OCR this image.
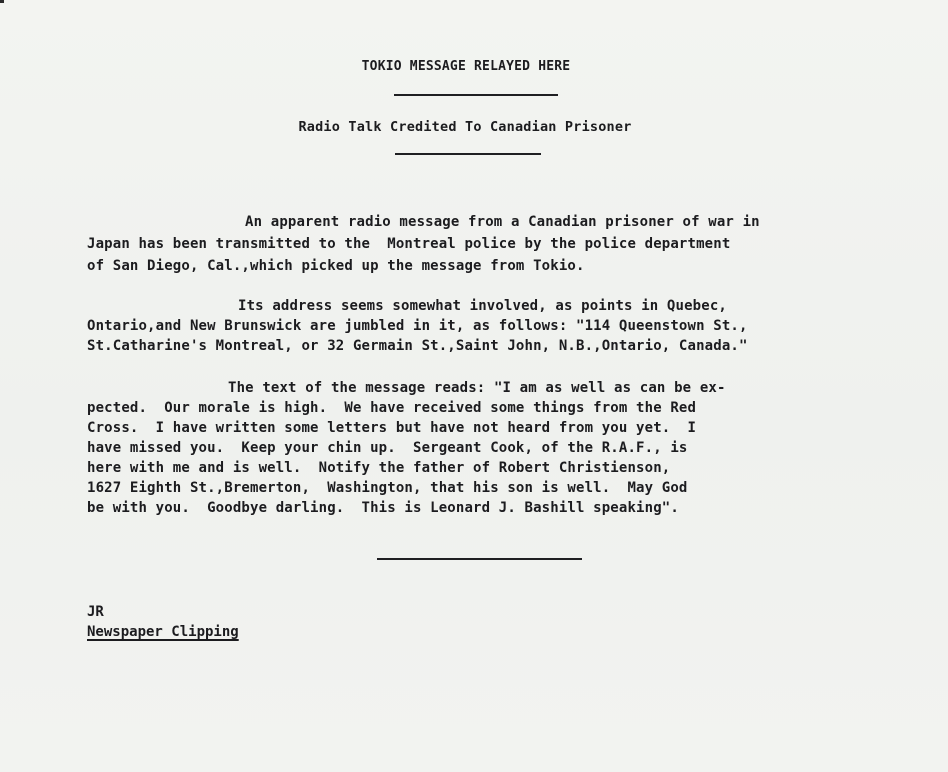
TOKIO MESSAGE RELAYED HERE
Radio Talk Credited To Canadian Prisoner
An apparent radio message from a Canadian prisoner of war in
Japan has been transmitted to the  Montreal police by the police department
of San Diego, Cal.,which picked up the message from Tokio.
Its address seems somewhat involved, as points in Quebec,
Ontario,and New Brunswick are jumbled in it, as follows: "114 Queenstown St.,
St.Catharine's Montreal, or 32 Germain St.,Saint John, N.B.,Ontario, Canada."
The text of the message reads: "I am as well as can be ex-
pected.  Our morale is high.  We have received some things from the Red
Cross.  I have written some letters but have not heard from you yet.  I
have missed you.  Keep your chin up.  Sergeant Cook, of the R.A.F., is
here with me and is well.  Notify the father of Robert Christienson,
1627 Eighth St.,Bremerton,  Washington, that his son is well.  May God
be with you.  Goodbye darling.  This is Leonard J. Bashill speaking".
JR
Newspaper Clipping
